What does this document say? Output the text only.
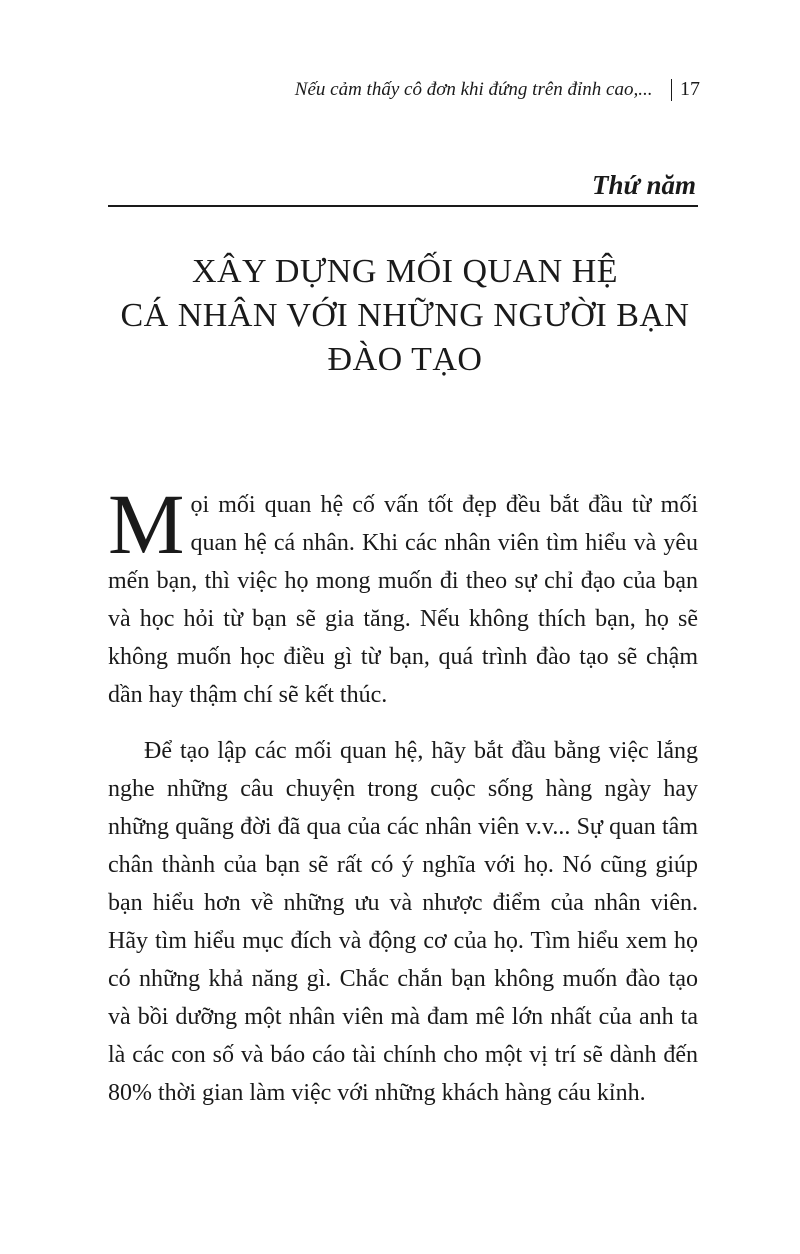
Nếu cảm thấy cô đơn khi đứng trên đỉnh cao,... 17
Thứ năm
XÂY DỰNG MỐI QUAN HỆ
CÁ NHÂN VỚI NHỮNG NGƯỜI BẠN
ĐÀO TẠO

Mọi mối quan hệ cố vấn tốt đẹp đều bắt đầu từ mối quan hệ cá nhân. Khi các nhân viên tìm hiểu và yêu mến bạn, thì việc họ mong muốn đi theo sự chỉ đạo của bạn và học hỏi từ bạn sẽ gia tăng. Nếu không thích bạn, họ sẽ không muốn học điều gì từ bạn, quá trình đào tạo sẽ chậm dần hay thậm chí sẽ kết thúc.

Để tạo lập các mối quan hệ, hãy bắt đầu bằng việc lắng nghe những câu chuyện trong cuộc sống hàng ngày hay những quãng đời đã qua của các nhân viên v.v... Sự quan tâm chân thành của bạn sẽ rất có ý nghĩa với họ. Nó cũng giúp bạn hiểu hơn về những ưu và nhược điểm của nhân viên. Hãy tìm hiểu mục đích và động cơ của họ. Tìm hiểu xem họ có những khả năng gì. Chắc chắn bạn không muốn đào tạo và bồi dưỡng một nhân viên mà đam mê lớn nhất của anh ta là các con số và báo cáo tài chính cho một vị trí sẽ dành đến 80% thời gian làm việc với những khách hàng cáu kỉnh.
